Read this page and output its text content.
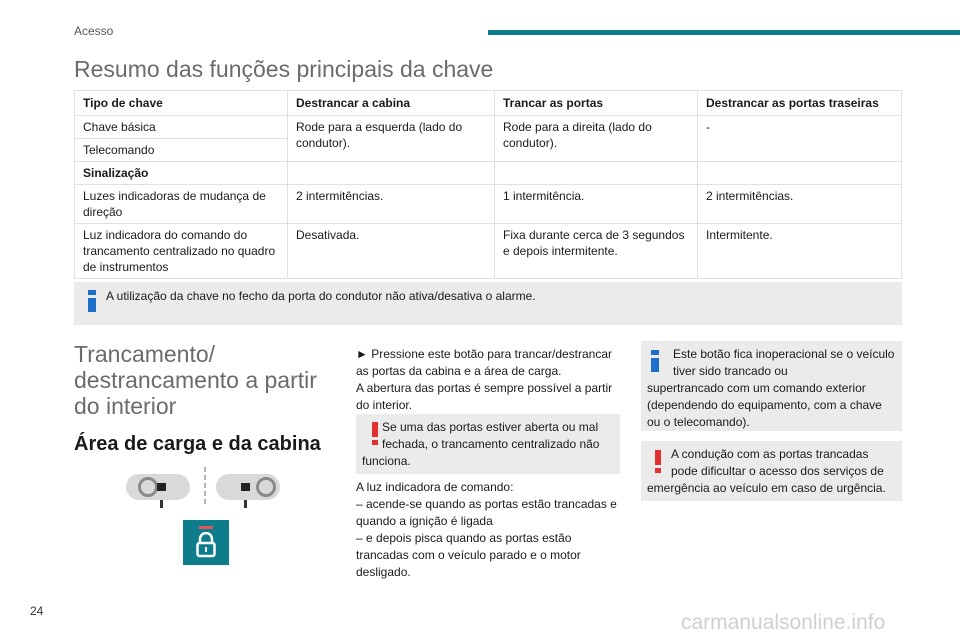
Acesso
Resumo das funções principais da chave
Tipo de chave	Destrancar a cabina	Trancar as portas	Destrancar as portas traseiras
Chave básica	Rode para a esquerda (lado do condutor).	Rode para a direita (lado do condutor).	-
Telecomando			
Sinalização			
Luzes indicadoras de mudança de direção	2 intermitências.	1 intermitência.	2 intermitências.
Luz indicadora do comando do trancamento centralizado no quadro de instrumentos	Desativada.	Fixa durante cerca de 3 segundos e depois intermitente.	Intermitente.
A utilização da chave no fecho da porta do condutor não ativa/desativa o alarme.
Trancamento/ destrancamento a partir do interior
Área de carga e da cabina

► Pressione este botão para trancar/destrancar as portas da cabina e a área de carga.

A abertura das portas é sempre possível a partir do interior.

Se uma das portas estiver aberta ou mal fechada, o trancamento centralizado não
funciona.

A luz indicadora de comando:

– acende-se quando as portas estão trancadas e quando a ignição é ligada

– e depois pisca quando as portas estão trancadas com o veículo parado e o motor desligado.

Este botão fica inoperacional se o veículo tiver sido trancado ou
supertrancado com um comando exterior (dependendo do equipamento, com a chave ou o telecomando).
A condução com as portas trancadas pode dificultar o acesso dos serviços de
emergência ao veículo em caso de urgência.
24	carmanualsonline.info
